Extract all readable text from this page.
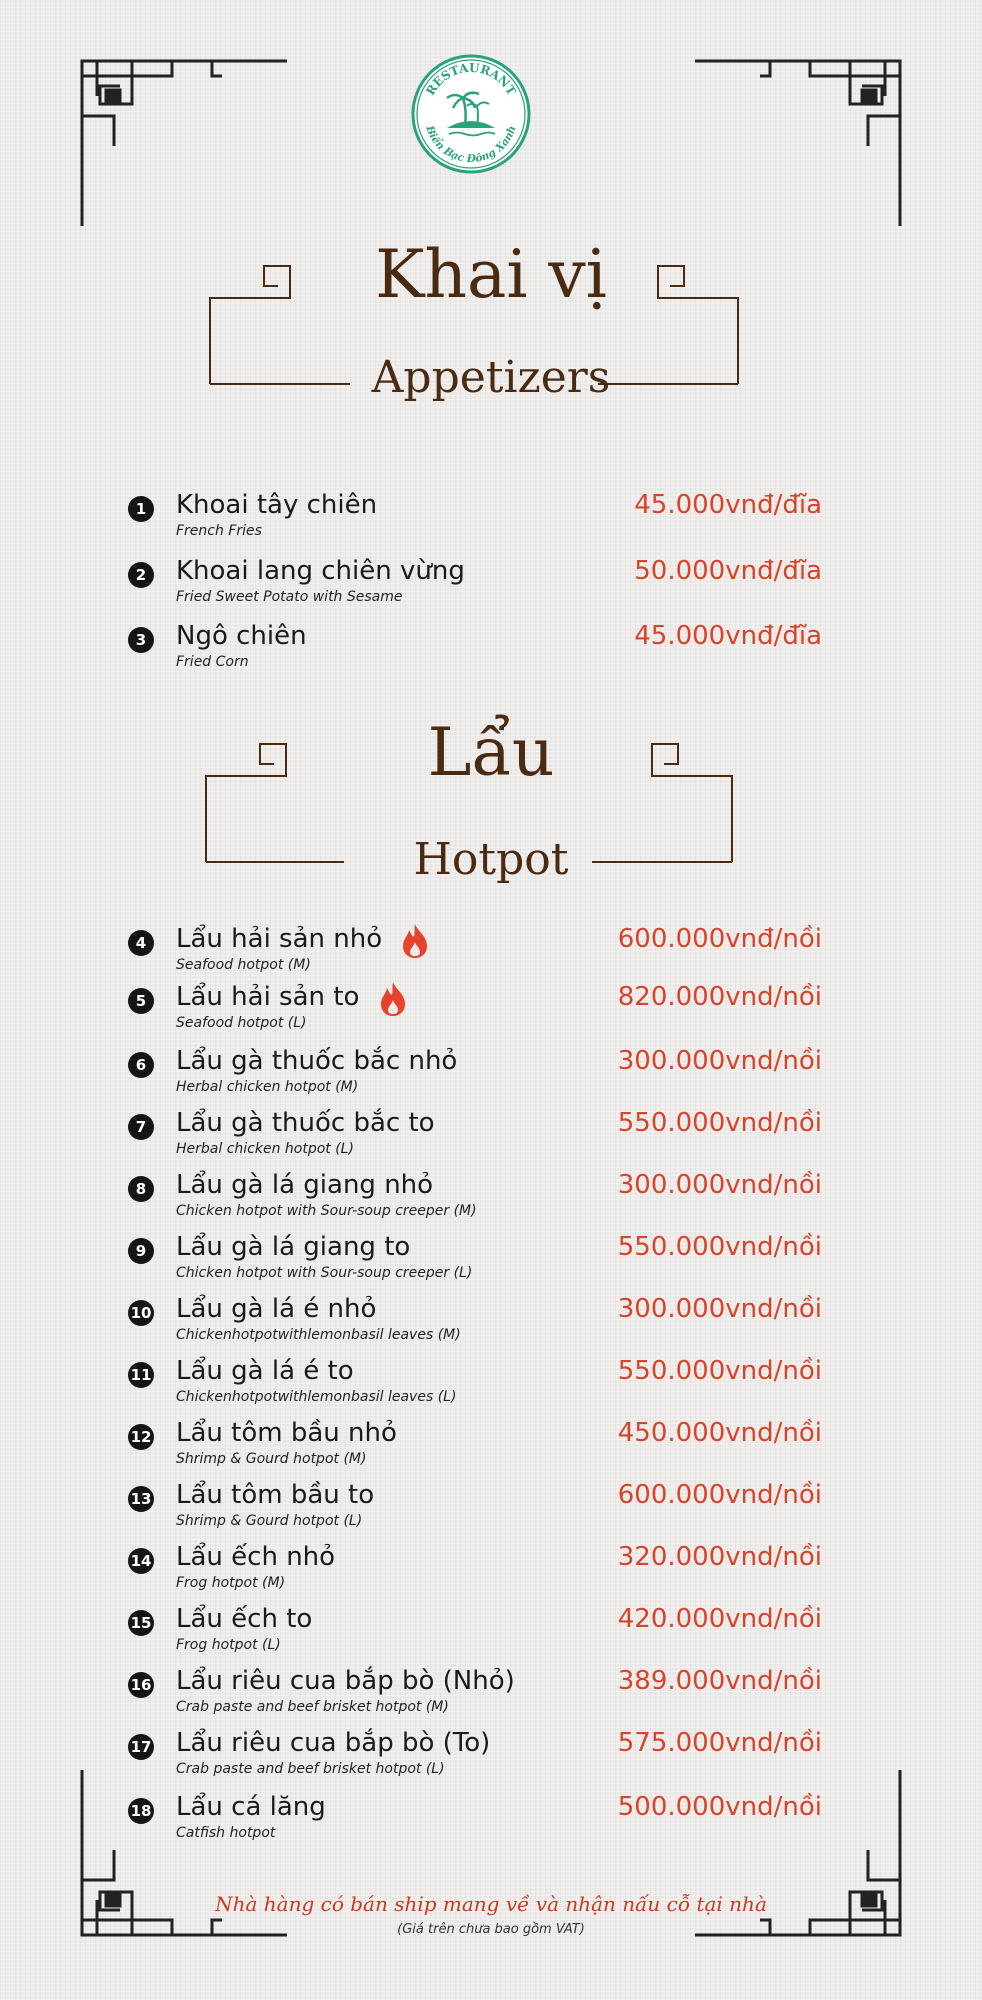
RESTAURANT
Biển Bạc Đông Xanh
Khai vị
Appetizers
1 Khoai tây chiên
French Fries
45.000vnđ/đĩa
2 Khoai lang chiên vừng
Fried Sweet Potato with Sesame
50.000vnđ/đĩa
3 Ngô chiên
Fried Corn
45.000vnđ/đĩa
Lẩu
Hotpot
4 Lẩu hải sản nhỏ
Seafood hotpot (M)
600.000vnđ/nồi
5 Lẩu hải sản to
Seafood hotpot (L)
820.000vnd/nồi
6 Lẩu gà thuốc bắc nhỏ
Herbal chicken hotpot (M)
300.000vnd/nồi
7 Lẩu gà thuốc bắc to
Herbal chicken hotpot (L)
550.000vnd/nồi
8 Lẩu gà lá giang nhỏ
Chicken hotpot with Sour-soup creeper (M)
300.000vnd/nồi
9 Lẩu gà lá giang to
Chicken hotpot with Sour-soup creeper (L)
550.000vnd/nồi
10 Lẩu gà lá é nhỏ
Chickenhotpotwithlemonbasil leaves (M)
300.000vnd/nồi
11 Lẩu gà lá é to
Chickenhotpotwithlemonbasil leaves (L)
550.000vnd/nồi
12 Lẩu tôm bầu nhỏ
Shrimp & Gourd hotpot (M)
450.000vnd/nồi
13 Lẩu tôm bầu to
Shrimp & Gourd hotpot (L)
600.000vnd/nồi
14 Lẩu ếch nhỏ
Frog hotpot (M)
320.000vnd/nồi
15 Lẩu ếch to
Frog hotpot (L)
420.000vnd/nồi
16 Lẩu riêu cua bắp bò (Nhỏ)
Crab paste and beef brisket hotpot (M)
389.000vnd/nồi
17 Lẩu riêu cua bắp bò (To)
Crab paste and beef brisket hotpot (L)
575.000vnd/nồi
18 Lẩu cá lăng
Catfish hotpot
500.000vnd/nồi
Nhà hàng có bán ship mang về và nhận nấu cỗ tại nhà
(Giá trên chưa bao gồm VAT)
